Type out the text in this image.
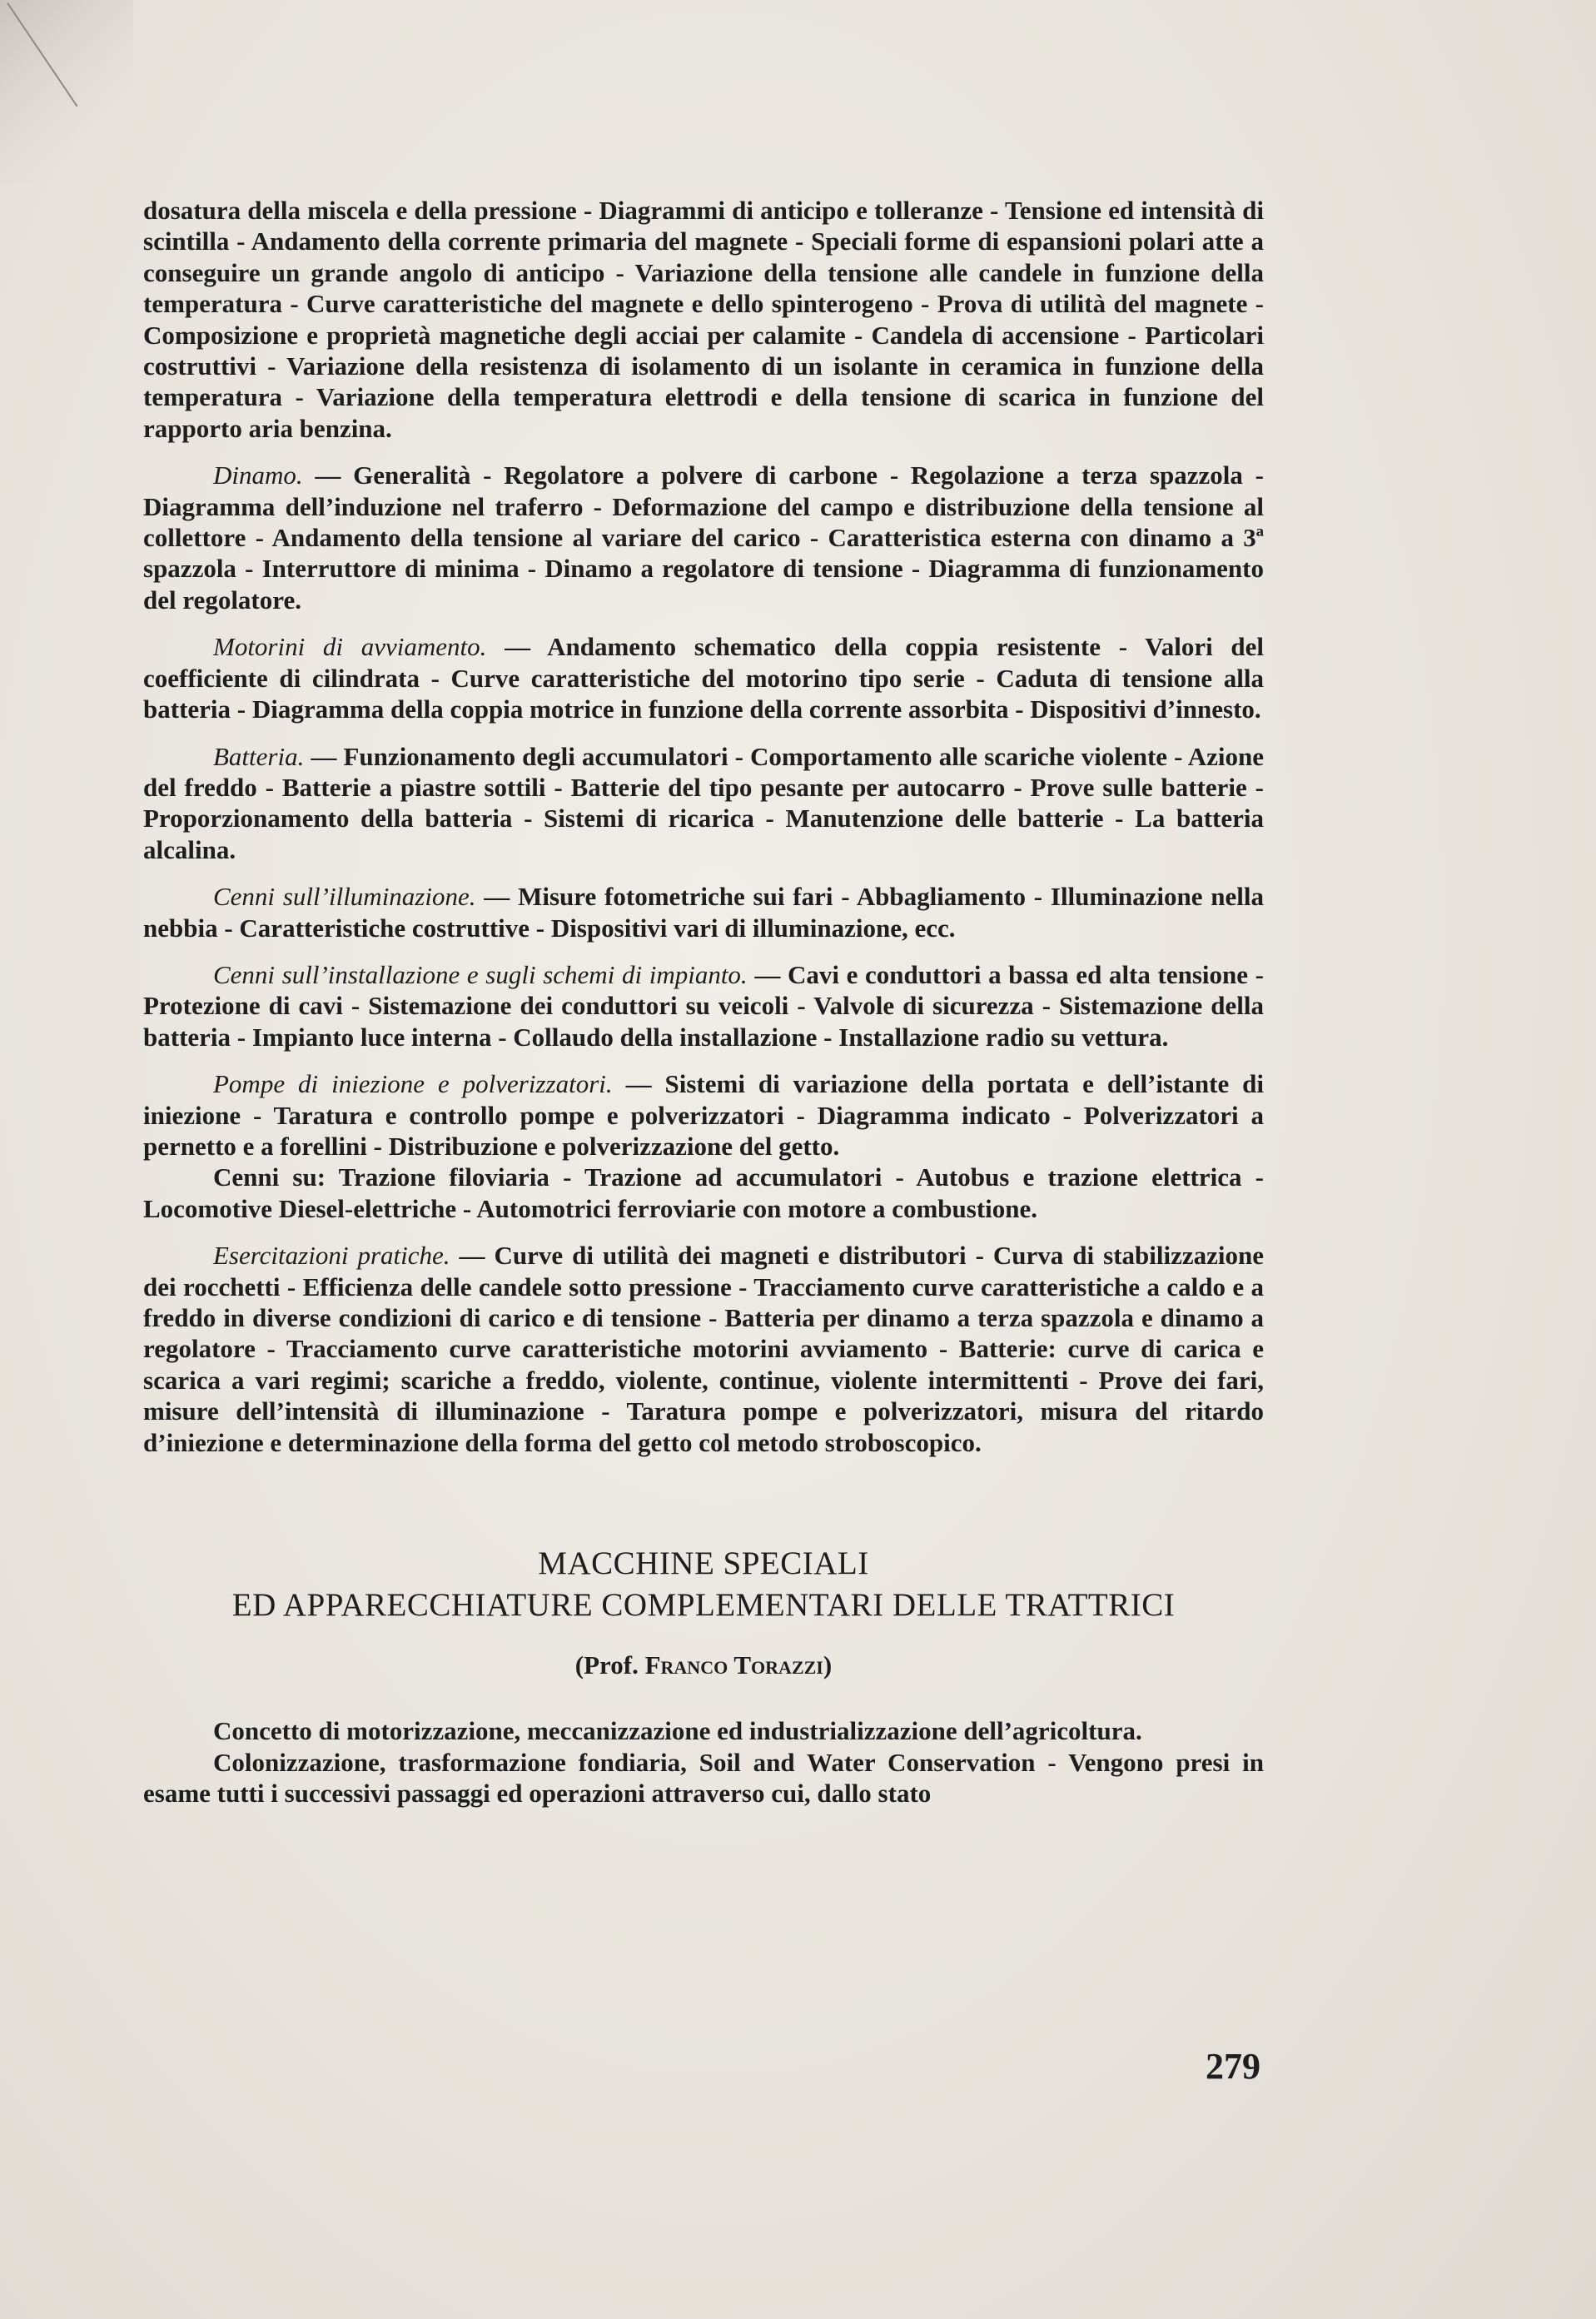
dosatura della miscela e della pressione - Diagrammi di anticipo e tolleranze - Tensione ed intensità di scintilla - Andamento della corrente primaria del magnete - Speciali forme di espansioni polari atte a conseguire un grande angolo di anticipo - Variazione della tensione alle candele in funzione della temperatura - Curve caratteristiche del magnete e dello spinterogeno - Prova di utilità del magnete - Composizione e proprietà magnetiche degli acciai per calamite - Candela di accensione - Particolari costruttivi - Variazione della resistenza di isolamento di un isolante in ceramica in funzione della temperatura - Variazione della temperatura elettrodi e della tensione di scarica in funzione del rapporto aria benzina.

Dinamo. — Generalità - Regolatore a polvere di carbone - Regolazione a terza spazzola - Diagramma dell’induzione nel traferro - Deformazione del campo e distribuzione della tensione al collettore - Andamento della tensione al variare del carico - Caratteristica esterna con dinamo a 3ª spazzola - Interruttore di minima - Dinamo a regolatore di tensione - Diagramma di funzionamento del regolatore.

Motorini di avviamento. — Andamento schematico della coppia resistente - Valori del coefficiente di cilindrata - Curve caratteristiche del motorino tipo serie - Caduta di tensione alla batteria - Diagramma della coppia motrice in funzione della corrente assorbita - Dispositivi d’innesto.

Batteria. — Funzionamento degli accumulatori - Comportamento alle scariche violente - Azione del freddo - Batterie a piastre sottili - Batterie del tipo pesante per autocarro - Prove sulle batterie - Proporzionamento della batteria - Sistemi di ricarica - Manutenzione delle batterie - La batteria alcalina.

Cenni sull’illuminazione. — Misure fotometriche sui fari - Abbagliamento - Illuminazione nella nebbia - Caratteristiche costruttive - Dispositivi vari di illuminazione, ecc.

Cenni sull’installazione e sugli schemi di impianto. — Cavi e conduttori a bassa ed alta tensione - Protezione di cavi - Sistemazione dei conduttori su veicoli - Valvole di sicurezza - Sistemazione della batteria - Impianto luce interna - Collaudo della installazione - Installazione radio su vettura.

Pompe di iniezione e polverizzatori. — Sistemi di variazione della portata e dell’istante di iniezione - Taratura e controllo pompe e polverizzatori - Diagramma indicato - Polverizzatori a pernetto e a forellini - Distribuzione e polverizzazione del getto.

Cenni su: Trazione filoviaria - Trazione ad accumulatori - Autobus e trazione elettrica - Locomotive Diesel-elettriche - Automotrici ferroviarie con motore a combustione.

Esercitazioni pratiche. — Curve di utilità dei magneti e distributori - Curva di stabilizzazione dei rocchetti - Efficienza delle candele sotto pressione - Tracciamento curve caratteristiche a caldo e a freddo in diverse condizioni di carico e di tensione - Batteria per dinamo a terza spazzola e dinamo a regolatore - Tracciamento curve caratteristiche motorini avviamento - Batterie: curve di carica e scarica a vari regimi; scariche a freddo, violente, continue, violente intermittenti - Prove dei fari, misure dell’intensità di illuminazione - Taratura pompe e polverizzatori, misura del ritardo d’iniezione e determinazione della forma del getto col metodo stroboscopico.

MACCHINE SPECIALI
ED APPARECCHIATURE COMPLEMENTARI DELLE TRATTRICI
(Prof. Franco Torazzi)

Concetto di motorizzazione, meccanizzazione ed industrializzazione dell’agricoltura.

Colonizzazione, trasformazione fondiaria, Soil and Water Conservation - Vengono presi in esame tutti i successivi passaggi ed operazioni attraverso cui, dallo stato

279
